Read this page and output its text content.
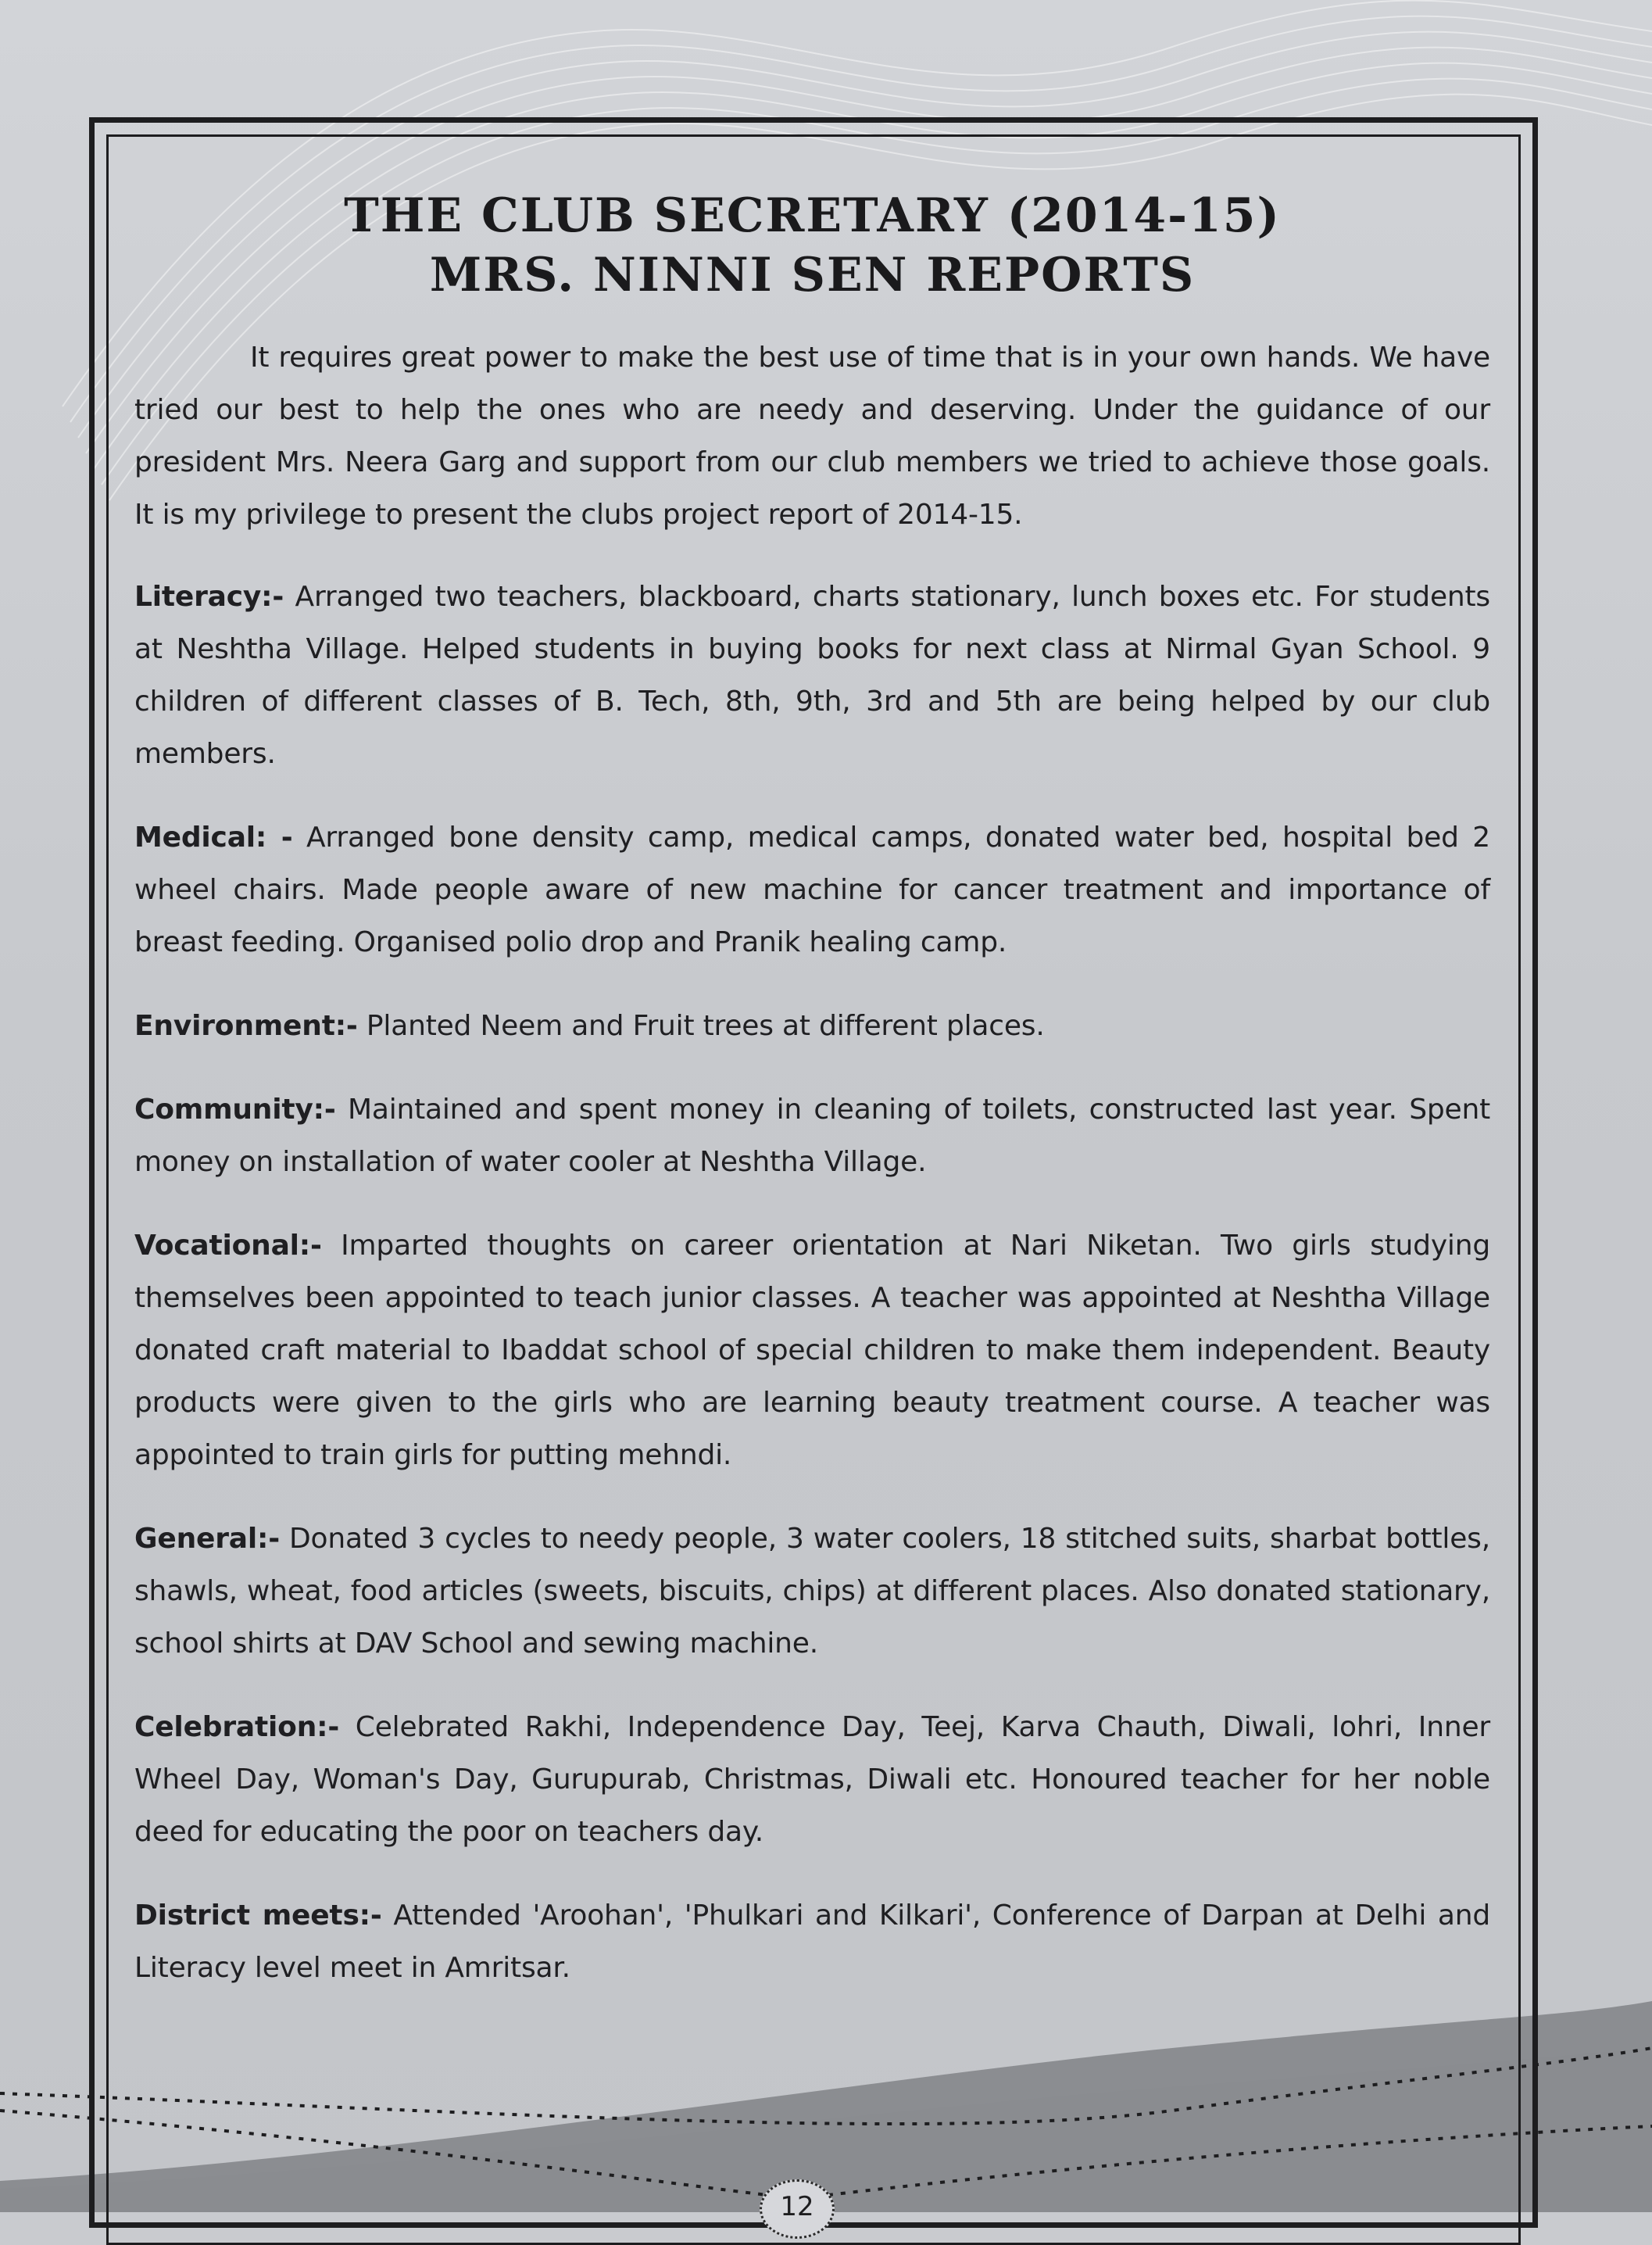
THE CLUB SECRETARY (2014-15)
MRS. NINNI SEN REPORTS

It requires great power to make the best use of time that is in your own hands. We have tried our best to help the ones who are needy and deserving. Under the guidance of our president Mrs. Neera Garg and support from our club members we tried to achieve those goals. It is my privilege to present the clubs project report of 2014-15.

Literacy:- Arranged two teachers, blackboard, charts stationary, lunch boxes etc. For students at Neshtha Village. Helped students in buying books for next class at Nirmal Gyan School. 9 children of different classes of B. Tech, 8th, 9th, 3rd and 5th are being helped by our club members.

Medical: - Arranged bone density camp, medical camps, donated water bed, hospital bed 2 wheel chairs. Made people aware of new machine for cancer treatment and importance of breast feeding. Organised polio drop and Pranik healing camp.

Environment:- Planted Neem and Fruit trees at different places.

Community:- Maintained and spent money in cleaning of toilets, constructed last year. Spent money on installation of water cooler at Neshtha Village.

Vocational:- Imparted thoughts on career orientation at Nari Niketan. Two girls studying themselves been appointed to teach junior classes. A teacher was appointed at Neshtha Village donated craft material to Ibaddat school of special children to make them independent. Beauty products were given to the girls who are learning beauty treatment course. A teacher was appointed to train girls for putting mehndi.

General:- Donated 3 cycles to needy people, 3 water coolers, 18 stitched suits, sharbat bottles, shawls, wheat, food articles (sweets, biscuits, chips) at different places. Also donated stationary, school shirts at DAV School and sewing machine.

Celebration:- Celebrated Rakhi, Independence Day, Teej, Karva Chauth, Diwali, lohri, Inner Wheel Day, Woman's Day, Gurupurab, Christmas, Diwali etc. Honoured teacher for her noble deed for educating the poor on teachers day.

District meets:- Attended 'Aroohan', 'Phulkari and Kilkari', Conference of Darpan at Delhi and Literacy level meet in Amritsar.

12
